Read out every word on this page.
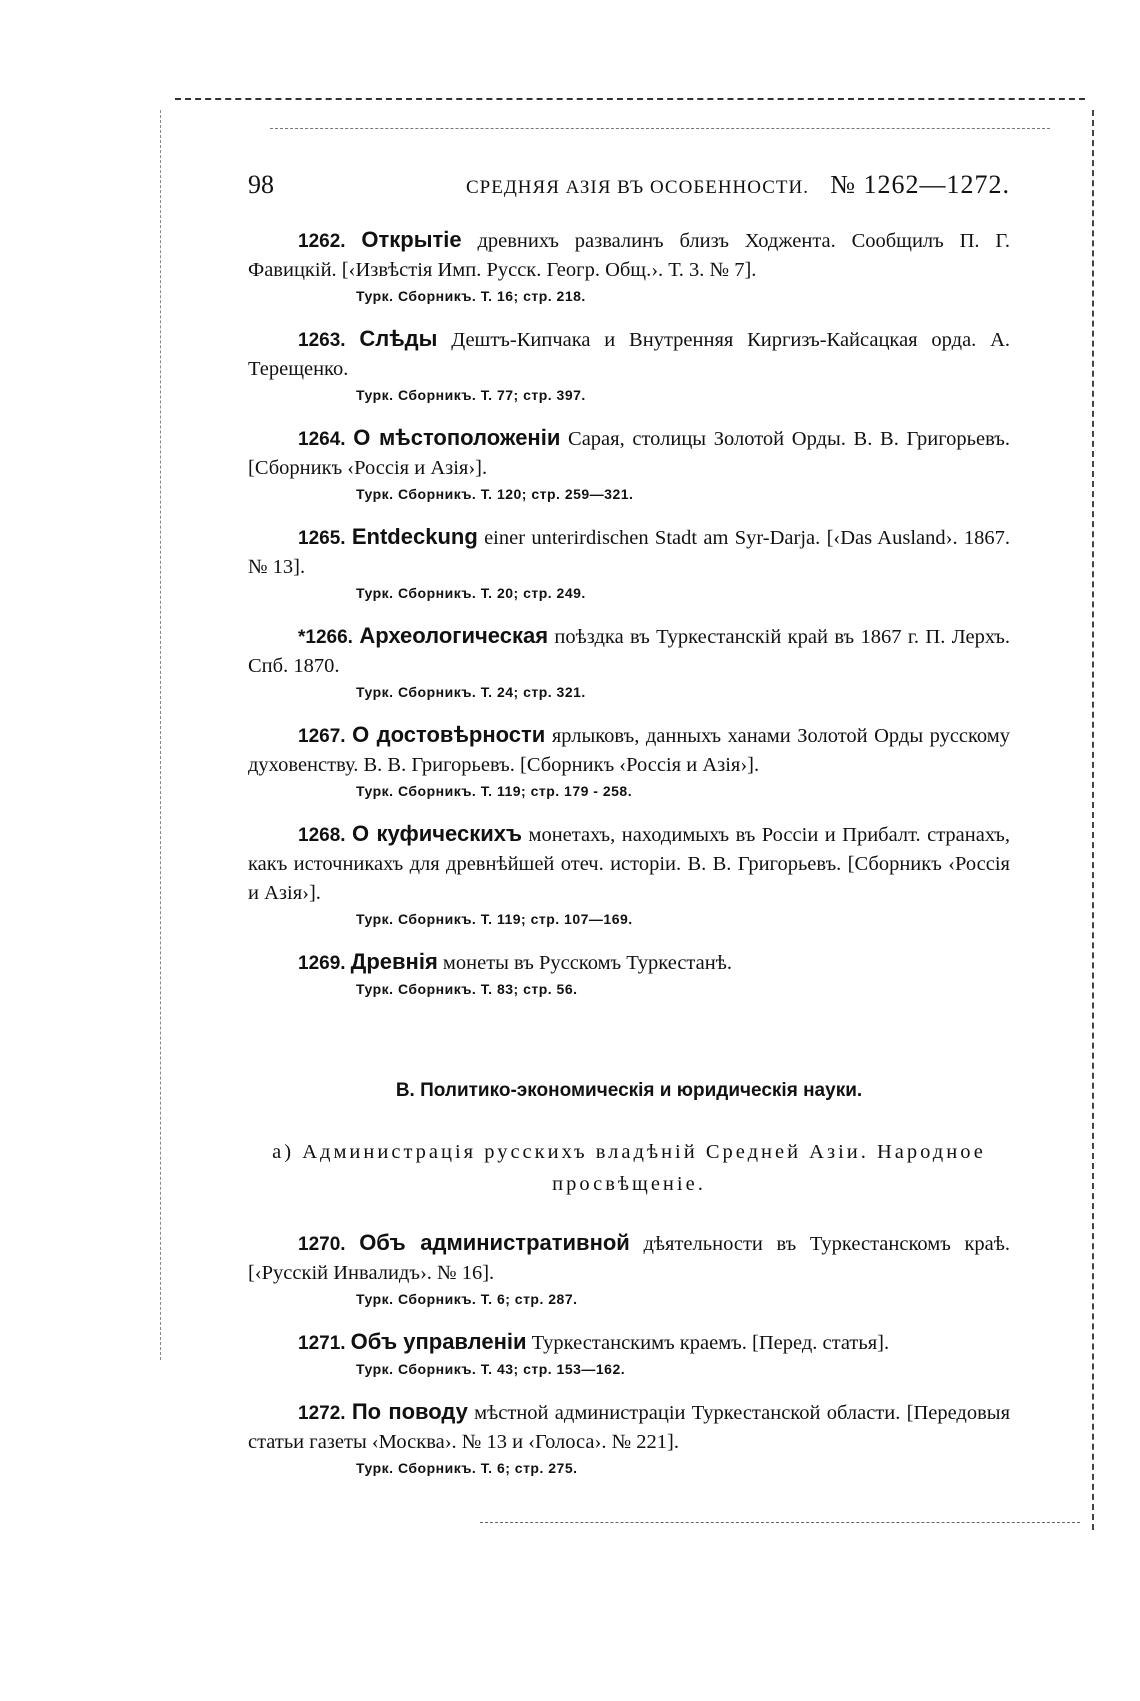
98	СРЕДНЯЯ АЗІЯ ВЪ ОСОБЕННОСТИ. № 1262—1272.
1262. Открытіе древнихъ развалинъ близъ Ходжента. Сообщилъ П. Г. Фавицкій. [‹Извѣстія Имп. Русск. Геогр. Общ.›. Т. 3. № 7].
Турк. Сборникъ. Т. 16; стр. 218.
1263. Слѣды Дештъ-Кипчака и Внутренняя Киргизъ-Кайсацкая орда. А. Терещенко.
Турк. Сборникъ. Т. 77; стр. 397.
1264. О мѣстоположеніи Сарая, столицы Золотой Орды. В. В. Григорьевъ. [Сборникъ ‹Россія и Азія›].
Турк. Сборникъ. Т. 120; стр. 259—321.
1265. Entdeckung einer unterirdischen Stadt am Syr-Darja. [‹Das Ausland›. 1867. № 13].
Турк. Сборникъ. Т. 20; стр. 249.
*1266. Археологическая поѣздка въ Туркестанскій край въ 1867 г. П. Лерхъ. Спб. 1870.
Турк. Сборникъ. Т. 24; стр. 321.
1267. О достовѣрности ярлыковъ, данныхъ ханами Золотой Орды русскому духовенству. В. В. Григорьевъ. [Сборникъ ‹Россія и Азія›].
Турк. Сборникъ. Т. 119; стр. 179 - 258.
1268. О куфическихъ монетахъ, находимыхъ въ Россіи и Прибалт. странахъ, какъ источникахъ для древнѣйшей отеч. исторіи. В. В. Григорьевъ. [Сборникъ ‹Россія и Азія›].
Турк. Сборникъ. Т. 119; стр. 107—169.
1269. Древнія монеты въ Русскомъ Туркестанѣ.
Турк. Сборникъ. Т. 83; стр. 56.
В. Политико-экономическія и юридическія науки.
а) Администрація русскихъ владѣній Средней Азіи. Народное просвѣщеніе.
1270. Объ административной дѣятельности въ Туркестанскомъ краѣ. [‹Русскій Инвалидъ›. № 16].
Турк. Сборникъ. Т. 6; стр. 287.
1271. Объ управленіи Туркестанскимъ краемъ. [Перед. статья].
Турк. Сборникъ. Т. 43; стр. 153—162.
1272. По поводу мѣстной администраціи Туркестанской области. [Передовыя статьи газеты ‹Москва›. № 13 и ‹Голоса›. № 221].
Турк. Сборникъ. Т. 6; стр. 275.
